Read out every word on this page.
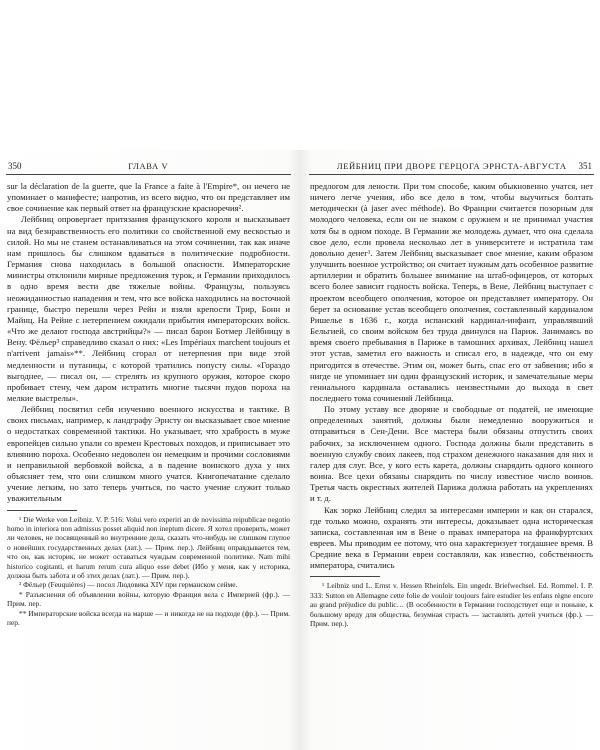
350	ГЛАВА V

sur la déclaration de la guerre, que la France a faite à l'Empire*, он нечего не упоминает о манифесте; напротив, из всего видно, что он представляет им свое сочинение как первый ответ на французские красноречия².

Лейбниц опровергает притязания французского короля и высказывает на вид безнравственность его политики со свойственной ему вескостью и силой. Но мы не станем останавливаться на этом сочинении, так как иначе нам пришлось бы слишком вдаваться в политические подробности. Германия снова находилась в большой опасности. Императорские министры отклонили мирные предложения турок, и Германии приходилось в одно время вести две тяжелые войны. Французы, пользуясь неожиданностью нападения и тем, что все войска находились на восточной границе, быстро перешли через Рейн и взяли крепости Трир, Бонн и Майнц. На Рейне с нетерпением ожидали прибытия императорских войск. «Что же делают господа австрийцы?» — писал барон Ботмер Лейбницу в Вену. Фёльер³ справедливо сказал о них: «Les Impériaux marchent toujours et n'arrivent jamais»**. Лейбниц сгорал от нетерпения при виде этой медленности и путаницы, с которой тратились попусту силы. «Гораздо выгоднее, — писал он, — стрелять из крупного оружия, которое скоро пробивает стену, чем даром истратить многие тысячи пудов пороха на мелкие выстрелы».

Лейбниц посвятил себя изучению военного искусства и тактике. В своих письмах, например, к ландграфу Эрнсту он высказывает свое мнение о недостатках современной тактики. Но указывает, что храбрость в муже европейцев сильно упали со времен Крестовых походов, и приписывает это влиянию пороха. Особенно недоволен он немецким и прочими сословиями и неправильной вербовкой войска, а в падение воинского духа у них объясняет тем, что они слишком много учатся. Книгопечатание сделало учение легким, но зато теперь учиться, по часто учение служит только уважительным

¹ Die Werke von Leibniz. V. P. 516: Volui vero experiri an de novissima reipublicae negotio homo in interiora non admissus posset aliquid non ineptum dicere. Я хотел проверить, может ли человек, не посвященный во внутренние дела, сказать что-нибудь не слишком глупое о новейших государственных делах (лат.). — Прим. пер.). Лейбниц оправдывается тем, что он, как историк, не может оставаться чуждым современной политике. Nam mihi historico cogitanti, et harum rerum cura aliquo esse debet (Ибо у меня, как у историка, должна быть забота и об этих делах (лат.). — Прим. пер.).

² Фёльер (Feuquières) — посол Людовика XIV при германском сейме.

* Разъяснения об объявлении войны, которую Франция вела с Империей (фр.). — Прим. пер.

** Императорские войска всегда на марше — и никогда не на подходе (фр.). — Прим. пер.

ЛЕЙБНИЦ ПРИ ДВОРЕ ГЕРЦОГА ЭРНСТА-АВГУСТА 351

предлогом для лености. При том способе, каким обыкновенно учатся, нет ничего легче учения, ибо все дело в том, чтобы выучиться болтать методически (à jaser avec méthode). Во Франции считается позорным для молодого человека, если он не знаком с оружием и не принимал участия хотя бы в одном походе. В Германии же молодежь думает, что она сделала свое дело, если провела несколько лет в университете и истратила там довольно денег¹. Затем Лейбниц высказывает свое мнение, каким образом улучшить военное устройство; он считает нужным дать особенное развитие артиллерии и обратить большее внимание на штаб-офицеров, от которых всего более зависит годность войска. Теперь, в Вене, Лейбниц выступает с проектом всеобщего ополчения, которое он представляет императору. Он берет за основание устав всеобщего ополчения, составленный кардиналом Ришелье в 1636 г., когда испанский кардинал-инфант, управлявший Бельгией, со своим войском без труда двинулся на Париж. Занимаясь во время своего пребывания в Париже в тамошних архивах, Лейбниц нашел этот устав, заметил его важность и списал его, в надежде, что он ему пригодится в отечестве. Этим он, может быть, спас его от забвения; ибо я нигде не упоминает ни один французский историк, и замечательные меры гениального кардинала оставались неизвестными до выхода в свет последнего тома сочинений Лейбница.

По этому уставу все дворяне и свободные от податей, не имеющие определенных занятий, должны были немедленно вооружиться и отправиться в Сен-Дени. Все мастера были обязаны отпустить своих рабочих, за исключением одного. Господа должны были представить в военную службу своих лакеев, под страхом денежного наказания для них и галер для слуг. Все, у кого есть карета, должны снарядить одного конного воина. Все цехи обязаны снарядить по числу известное число воинов. Третья часть окрестных жителей Парижа должна работать на укреплениях и т. д.

Как зорко Лейбниц следил за интересами империи и как он старался, где только можно, охранять эти интересы, доказывает одна историческая записка, составленная им в Вене о правах императора на франкфуртских евреев. Мы приводим ее потому, что она характеризует тогдашнее время. В Средние века в Германии евреи составляли, как известно, собственность императора, считались

¹ Leibniz und L. Ernst v. Hessen Rheinfels. Ein ungedr. Briefwechsel. Ed. Rommel. I. P. 333: Sutton en Allemagne cette folie de vouloir toujours faire estudier les enfans règne encore au grand préjudice du public… (В особенности в Германии господствует еще и поныне, к большому вреду для общества, безумная страсть — заставлять детей учиться (фр.). — Прим. пер.).
